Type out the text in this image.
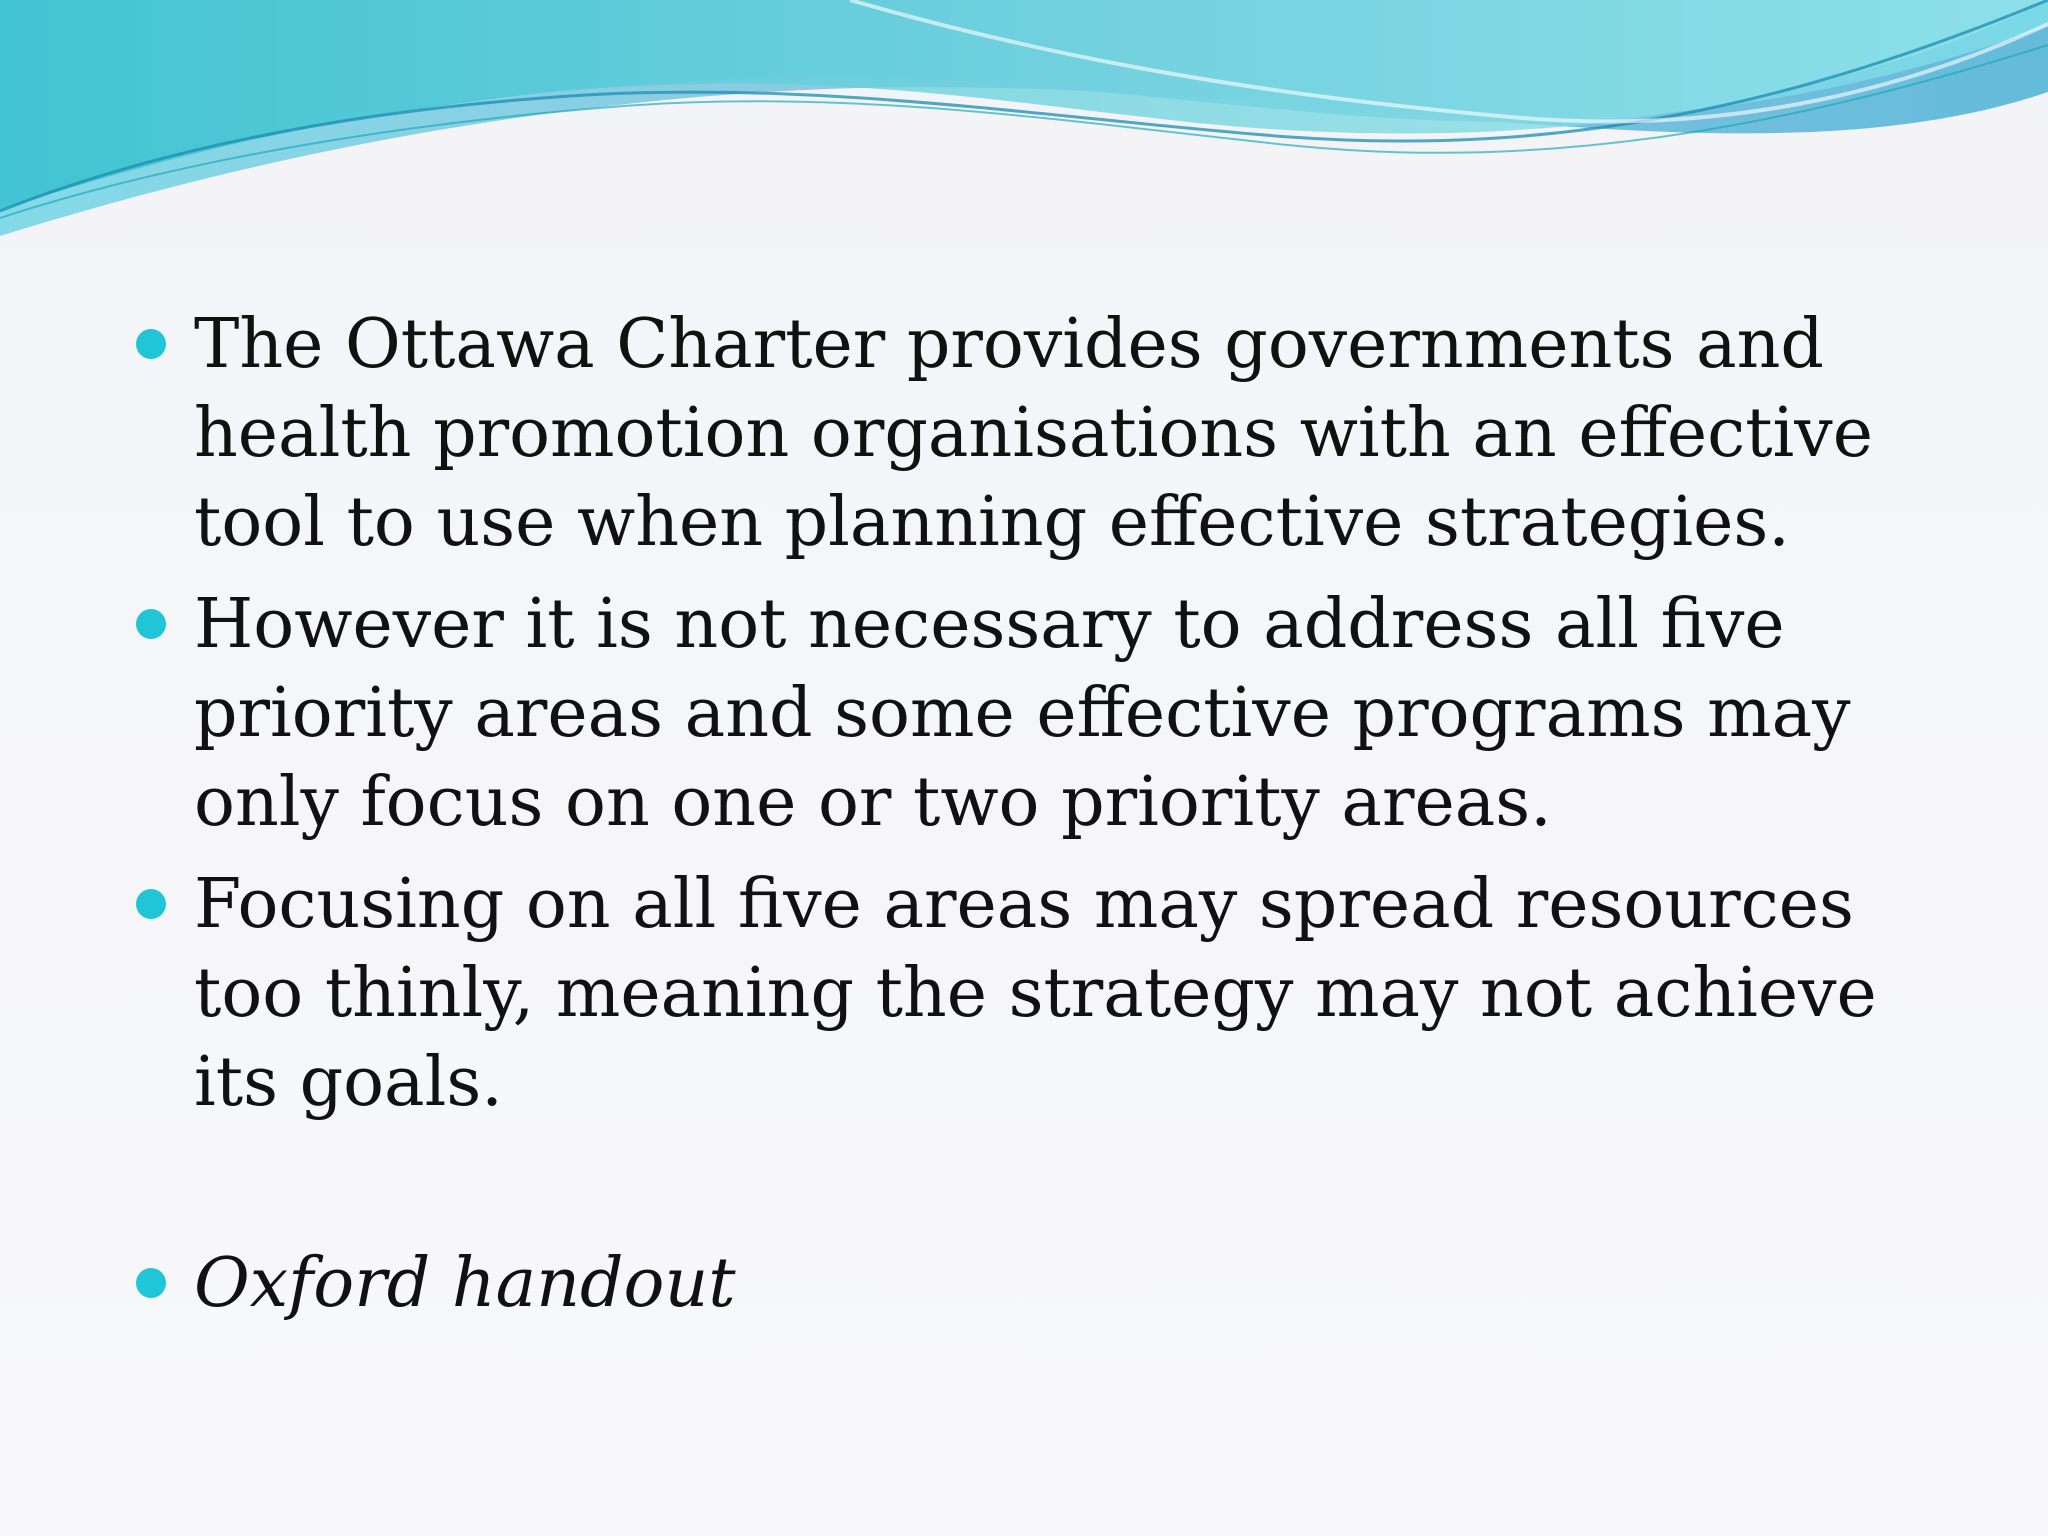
The Ottawa Charter provides governments and health promotion organisations with an effective tool to use when planning effective strategies.
However it is not necessary to address all five priority areas and some effective programs may only focus on one or two priority areas.
Focusing on all five areas may spread resources too thinly, meaning the strategy may not achieve its goals.
Oxford handout
